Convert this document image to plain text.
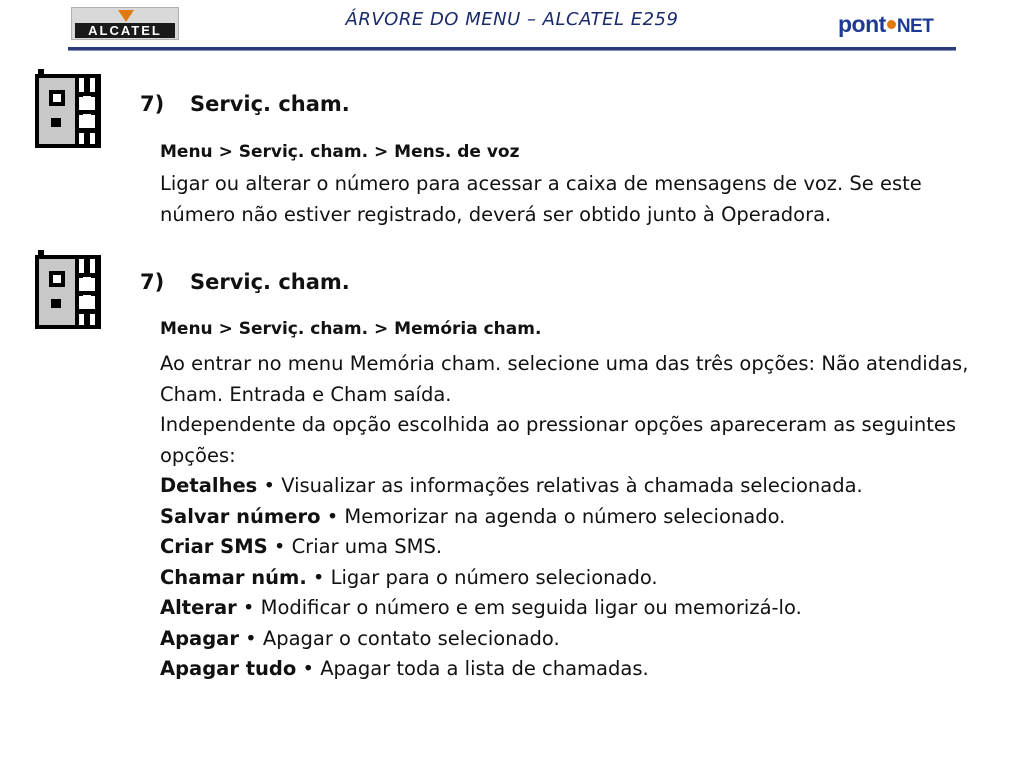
ALCATEL
ÁRVORE DO MENU – ALCATEL E259	pont NET
7) Serviç. cham.
Menu > Serviç. cham. > Mens. de voz

Ligar ou alterar o número para acessar a caixa de mensagens de voz. Se este número não estiver registrado, deverá ser obtido junto à Operadora.

7) Serviç. cham.
Menu > Serviç. cham. > Memória cham.

Ao entrar no menu Memória cham. selecione uma das três opções: Não atendidas, Cham. Entrada e Cham saída.

Independente da opção escolhida ao pressionar opções apareceram as seguintes opções:

Detalhes • Visualizar as informações relativas à chamada selecionada.

Salvar número • Memorizar na agenda o número selecionado.

Criar SMS • Criar uma SMS.

Chamar núm. • Ligar para o número selecionado.

Alterar • Modificar o número e em seguida ligar ou memorizá-lo.

Apagar • Apagar o contato selecionado.

Apagar tudo • Apagar toda a lista de chamadas.
